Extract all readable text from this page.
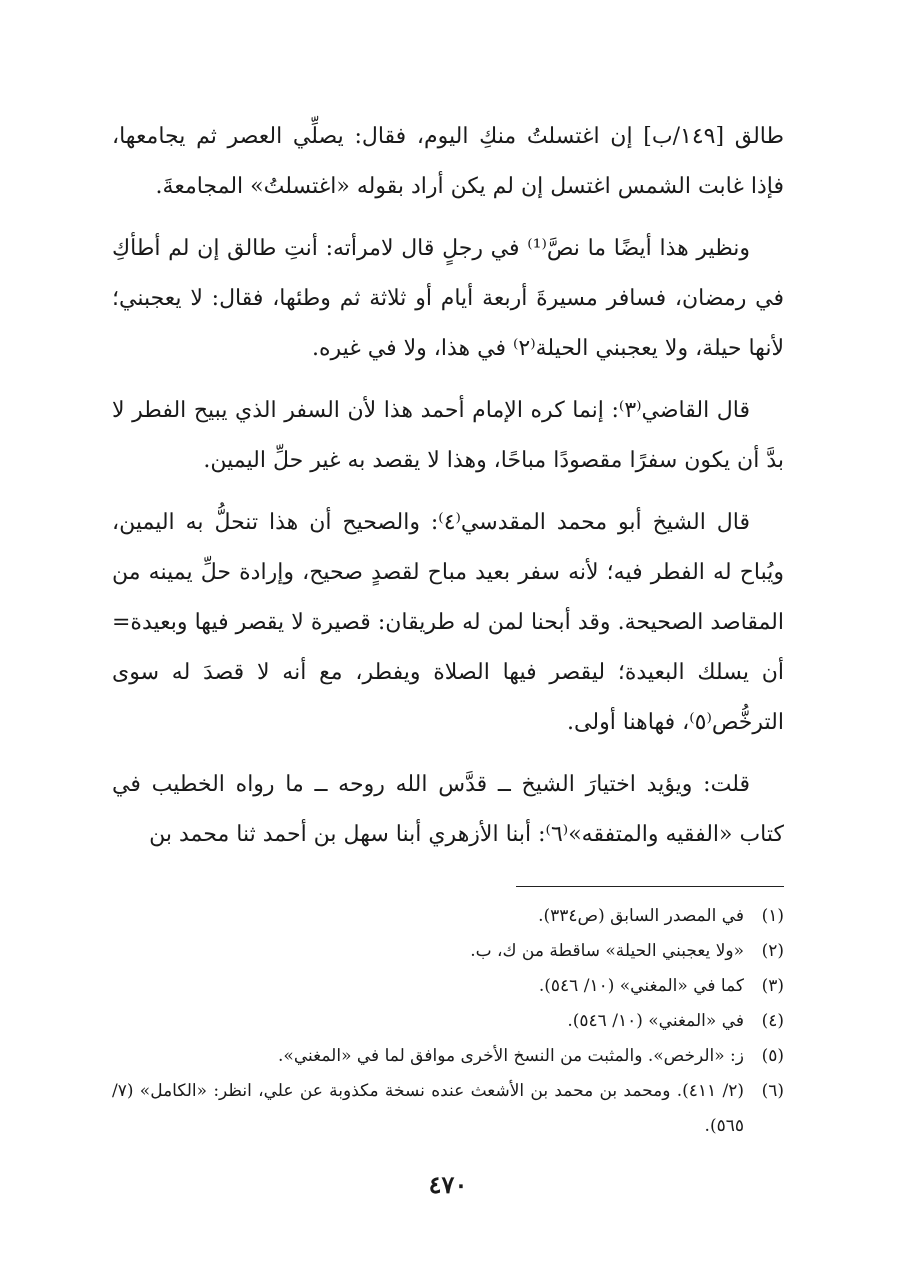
طالق [١٤٩/ب] إن اغتسلتُ منكِ اليوم، فقال: يصلِّي العصر ثم يجامعها، فإذا غابت الشمس اغتسل إن لم يكن أراد بقوله «اغتسلتُ» المجامعةَ.

ونظير هذا أيضًا ما نصَّ⁽¹⁾ في رجلٍ قال لامرأته: أنتِ طالق إن لم أطأكِ في رمضان، فسافر مسيرةَ أربعة أيام أو ثلاثة ثم وطئها، فقال: لا يعجبني؛ لأنها حيلة، ولا يعجبني الحيلة⁽٢⁾ في هذا، ولا في غيره.

قال القاضي⁽٣⁾: إنما كره الإمام أحمد هذا لأن السفر الذي يبيح الفطر لا بدَّ أن يكون سفرًا مقصودًا مباحًا، وهذا لا يقصد به غير حلِّ اليمين.

قال الشيخ أبو محمد المقدسي⁽٤⁾: والصحيح أن هذا تنحلُّ به اليمين، ويُباح له الفطر فيه؛ لأنه سفر بعيد مباح لقصدٍ صحيح، وإرادة حلِّ يمينه من المقاصد الصحيحة. وقد أبحنا لمن له طريقان: قصيرة لا يقصر فيها وبعيدة= أن يسلك البعيدة؛ ليقصر فيها الصلاة ويفطر، مع أنه لا قصدَ له سوى الترخُّص⁽٥⁾، فهاهنا أولى.

قلت: ويؤيد اختيارَ الشيخ ــ قدَّس الله روحه ــ ما رواه الخطيب في كتاب «الفقيه والمتفقه»⁽٦⁾: أبنا الأزهري أبنا سهل بن أحمد ثنا محمد بن

(١)
في المصدر السابق (ص٣٣٤).
(٢)
«ولا يعجبني الحيلة» ساقطة من ك، ب.
(٣)
كما في «المغني» (١٠/ ٥٤٦).
(٤)
في «المغني» (١٠/ ٥٤٦).
(٥)
ز: «الرخص». والمثبت من النسخ الأخرى موافق لما في «المغني».
(٦)
(٢/ ٤١١). ومحمد بن محمد بن الأشعث عنده نسخة مكذوبة عن علي، انظر: «الكامل» (٧/ ٥٦٥).
٤٧٠
